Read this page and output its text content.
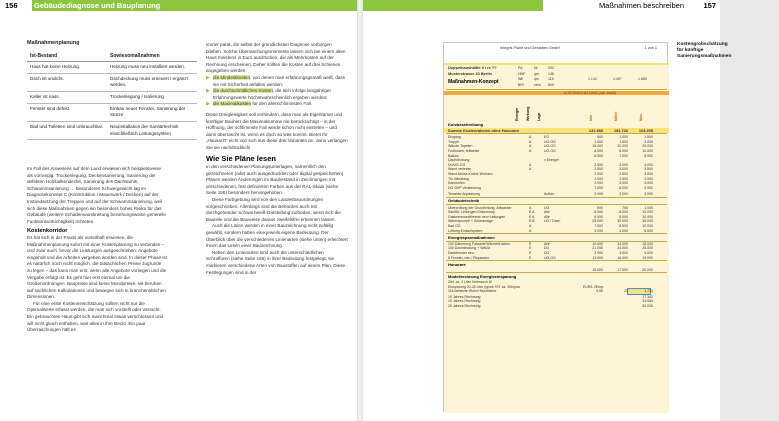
156	Gebäudediagnose und Bauplanung
Maßnahmenplanung
Ist-Bestand	Sowiesomaßnahmen
Haus hat keine Heizung.	Heizung muss neu installiert werden.
Dach ist undicht.	Dachdeckung muss erneuert / ergänzt werden.
Keller ist nass.	Trockenlegung / Isolierung
Fenster sind defekt.	Einbau neuer Fenster, Sanierung der Stürze
Bad und Toiletten sind unbrauchbar.	Neuinstallation der Sanitärtechnik einschließlich Leitungssystem

Im Fall des Anwesens auf dem Land erwiesen sich beispielsweise als vorrangig: Trockenlegung, Deckensanierung, Sanierung der defekten Holzbalkendecke, Sanierung des Dachstuhls, Schwammsanierung … Besonderes Schwergewicht lag im Diagnosekonzept C (Konstruktion / Mauerwerk / Decken) auf der Instandsetzung der Treppen und auf der Schwammsanierung, weil sich diese Maßnahmen gegen ein besonders hohes Risiko für das Gebäude (weitere Schadensausbreitung beziehungsweise generelle Funktionsuntüchtigkeit) richteten.

Kostenkorridor

Es hat sich in der Praxis als vorteilhaft erwiesen, die Maßnahmenplanung sofort mit einer Kostenplanung zu verbinden – und zwar auch, bevor die Leistungen ausgeschrieben, Angebote eingeholt und die Arbeiten vergeben worden sind. In dieser Phase ist es natürlich noch nicht möglich, die tatsächlichen Preise zugrunde zu legen – das kann man erst, wenn alle Angebote vorliegen und die Vergabe erfolgt ist. Es geht hier erst einmal um die Größenordnungen. Baupreise sind keine Mondpreise, sie beruhen auf sachlichen Kalkulationen und bewegen sich in branchenüblichen Dimensionen.

Für eine erste Kosteneinschätzung sollten nicht nur die Optimalwerte erfasst werden, die man sich vorstellt oder wünscht. Ein gebrauchtes Haus gibt sich manchmal etwas verschlossen und will nicht gleich enthüllen, was alles in ihm steckt. Ein paar Überraschungen hält es

immer parat, die selbst der gründlichsten Diagnose verborgen blieben. Solche Überraschungsmomente lassen sich bei einem alten Haus meistens in Euro ausdrücken, die als Mehrkosten auf der Rechnung erscheinen. Daher sollten die Kosten auf drei Schienen angegeben werden:

▶ die Mindestkosten, von denen man erfahrungsgemäß weiß, dass sie mit Sicherheit anfallen werden;
▶ die durchschnittlichen Kosten, die sich infolge langjähriger Erfahrungswerte höchstwahrscheinlich ergeben werden;
▶ die Maximalkosten für den allerschlimmsten Fall.

Diese Dreigleisigkeit soll verhindern, dass man als Eigentümer und künftiger Bauherr die Maximalsumme nie berücksichtigt – in der Hoffnung, der schlimmste Fall werde schon nicht eintreten – und dann überrascht ist, wenn es doch so weit kommt. Bietet Ihr „Hausarzt“ nicht von sich aus diese drei Varianten an, dann verlangen Sie sie nachdrücklich!

Wie Sie Pläne lesen

In den verschiedenen Planungsunterlagen, namentlich den gezeichneten (oder auch ausgedruckten oder digital gespeicherten) Plänen werden Änderungen im Baubestand in Zeichnungen mit verschiedenen, fest definierten Farben aus der RAL-Skala (siehe Seite 158) besonders hervorgehoben.

Diese Farbgebung wird von den Landesbauordnungen vorgeschrieben. Allerdings sind die Behörden auch mit durchgehender Schwarzweiß-Darstellung zufrieden, wenn sich die Bauteile und die Bauweise daraus zweifelsfrei erkennen lassen.

Auch die Linien werden in einer Bauzeichnung nicht zufällig gewählt, sondern haben eine jeweils eigene Bedeutung. Der Überblick über die verschiedenen Linienarten (siehe unten) erleichtert Ihnen das Lesen einer Bauzeichnung.

Neben den Linienarten sind auch die unterschiedlichen Schraffuren (siehe Seite 158) in ihrer Bedeutung festgelegt; sie markieren verschiedene Arten von Baustoffen auf einem Plan. Diese Festlegungen sind in der

Maßnahmen beschreiben	157
Integris Plane und Gestalten GmbH	1 von 1
Doppelhaushälfte 0 / re ??
Musterstrasse 20 Berlin
Maßnahmen-Konzept
Prj.	Nr.	002
HNF	qm	145
Wfl	qm	115	1.143	1.407	1.683
BRI	cbm 600
KOSTENSCHÄTZUNG (inkl. MwSt)
Energie Wirkung Lage	Min	Mittel	Max
Kurzbeschreibung
Summe Kostenrahmen ohne Honorare	131.980	181.726	103.295
Eingang	A	EG	500	1.000	1.500
Treppe	A	UG-OG	1.000	1.500	2.000
Wände Tapeten	A	UG-OG	15.000	20.000	25.000
Fußboden, teilweise	A	UG-OG	6.000	8.000	10.000
Balkon	6.000	7.000	8.000
Dachdeckung	x Energie
Du/WC EG	A	2.000	3.000	4.000
Wand verlesen	A	2.500	3.000	3.500
Wand Abriss Küche-Wohnen	2.000	2.500	3.000
Tür Windfang	1.000	1.500	2.000
Kaminöfen	2.000	3.000	4.000
DG GKP Verkleidung	7.000	8.000	9.000
Terrasse Anpassung	Außen	2.000	3.000	4.000
Gebäudetechnik
Überprüfung der Grundleitung, Abwasser	A	UG	500	750	1.000
Sanitär: Leitungen+Dämmung	E A	Alle	6.000	8.000	10.000
Gasbrennwerttherme neu+Leitungen	E A	Alle	6.000	8.000	10.000
Wärmepumpe + Solaranlage	E B	UG / Dach	25.000	30.000	35.000
Bad OG	A	7.500	8.500	10.000
Lüftung Einlaufsystem	A	3.000	4.000	5.000
Energiesparmaßnahmen
100 Dämmung Fassade/Wärmebrücken	E	Alle	10.000	14.000	18.000
100 Dachdeckung + WäDä	E	DG	21.000	24.000	28.000
Dachfenster neu	E	DG	2.000	3.000	4.000
8 Fenster, neu / Reparatur	E	UG-OG	13.000	16.000	19.000
Honorare
15.000	17.500	20.000
Modellrechnung Energieeinsparung
Ziel: ca. 2 Liter Verbrauch Ø
Einsparung 20-25 Liter (qm/a: IST ca. 30l/qma	EUR/L l/Emp.
116 beheizte Wohn+Nutzfläche	0,55	23	1.734
10 Jahres-Rechnung	17.342
15 Jahres-Rechnung	34.684
20 Jahres-Rechnung	52.026
Kostengrobschätzung für künftige Sanierungsmaßnahmen
